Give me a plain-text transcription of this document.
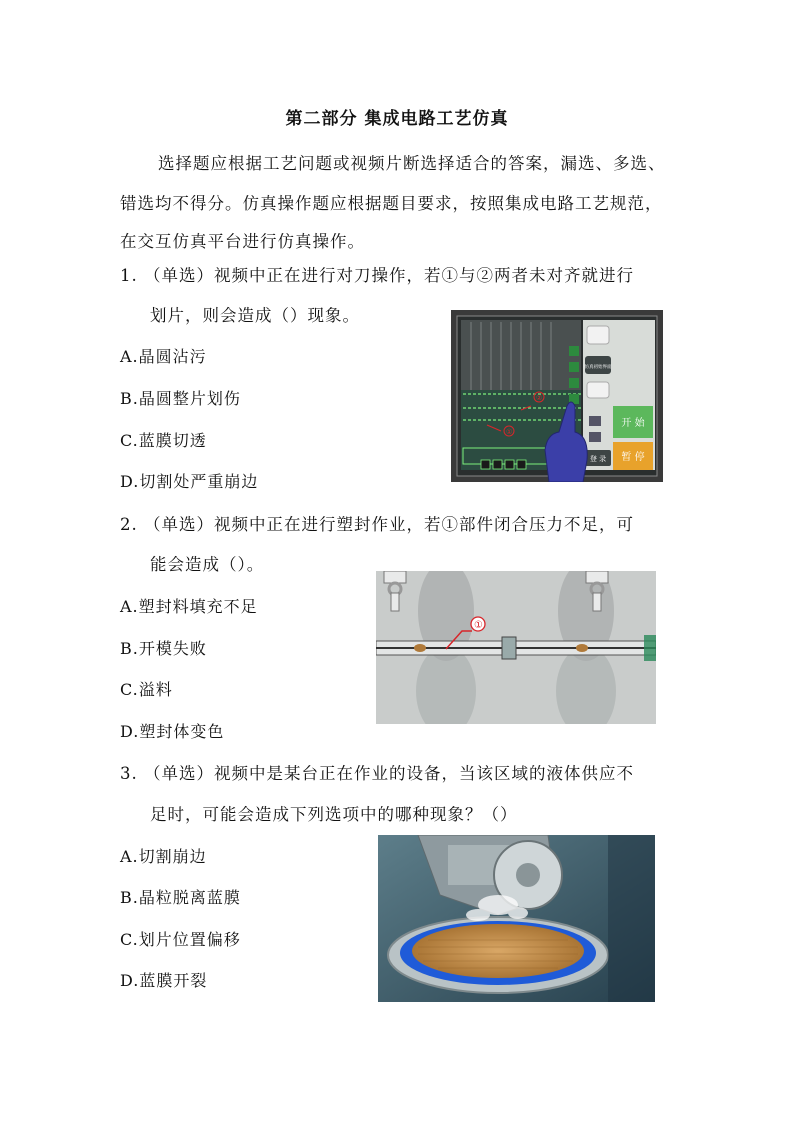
第二部分 集成电路工艺仿真
选择题应根据工艺问题或视频片断选择适合的答案，漏选、多选、
错选均不得分。仿真操作题应根据题目要求，按照集成电路工艺规范，
在交互仿真平台进行仿真操作。
1. （单选）视频中正在进行对刀操作，若①与②两者未对齐就进行
划片，则会造成（）现象。
A.晶圆沾污
B.晶圆整片划伤
C.蓝膜切透
D.切割处严重崩边
②
①
仿真初始界面
登 录
开 始
暂 停
2. （单选）视频中正在进行塑封作业，若①部件闭合压力不足，可
能会造成（）。
A.塑封料填充不足
B.开模失败
C.溢料
D.塑封体变色
①
3. （单选）视频中是某台正在作业的设备，当该区域的液体供应不
足时，可能会造成下列选项中的哪种现象？（）
A.切割崩边
B.晶粒脱离蓝膜
C.划片位置偏移
D.蓝膜开裂
